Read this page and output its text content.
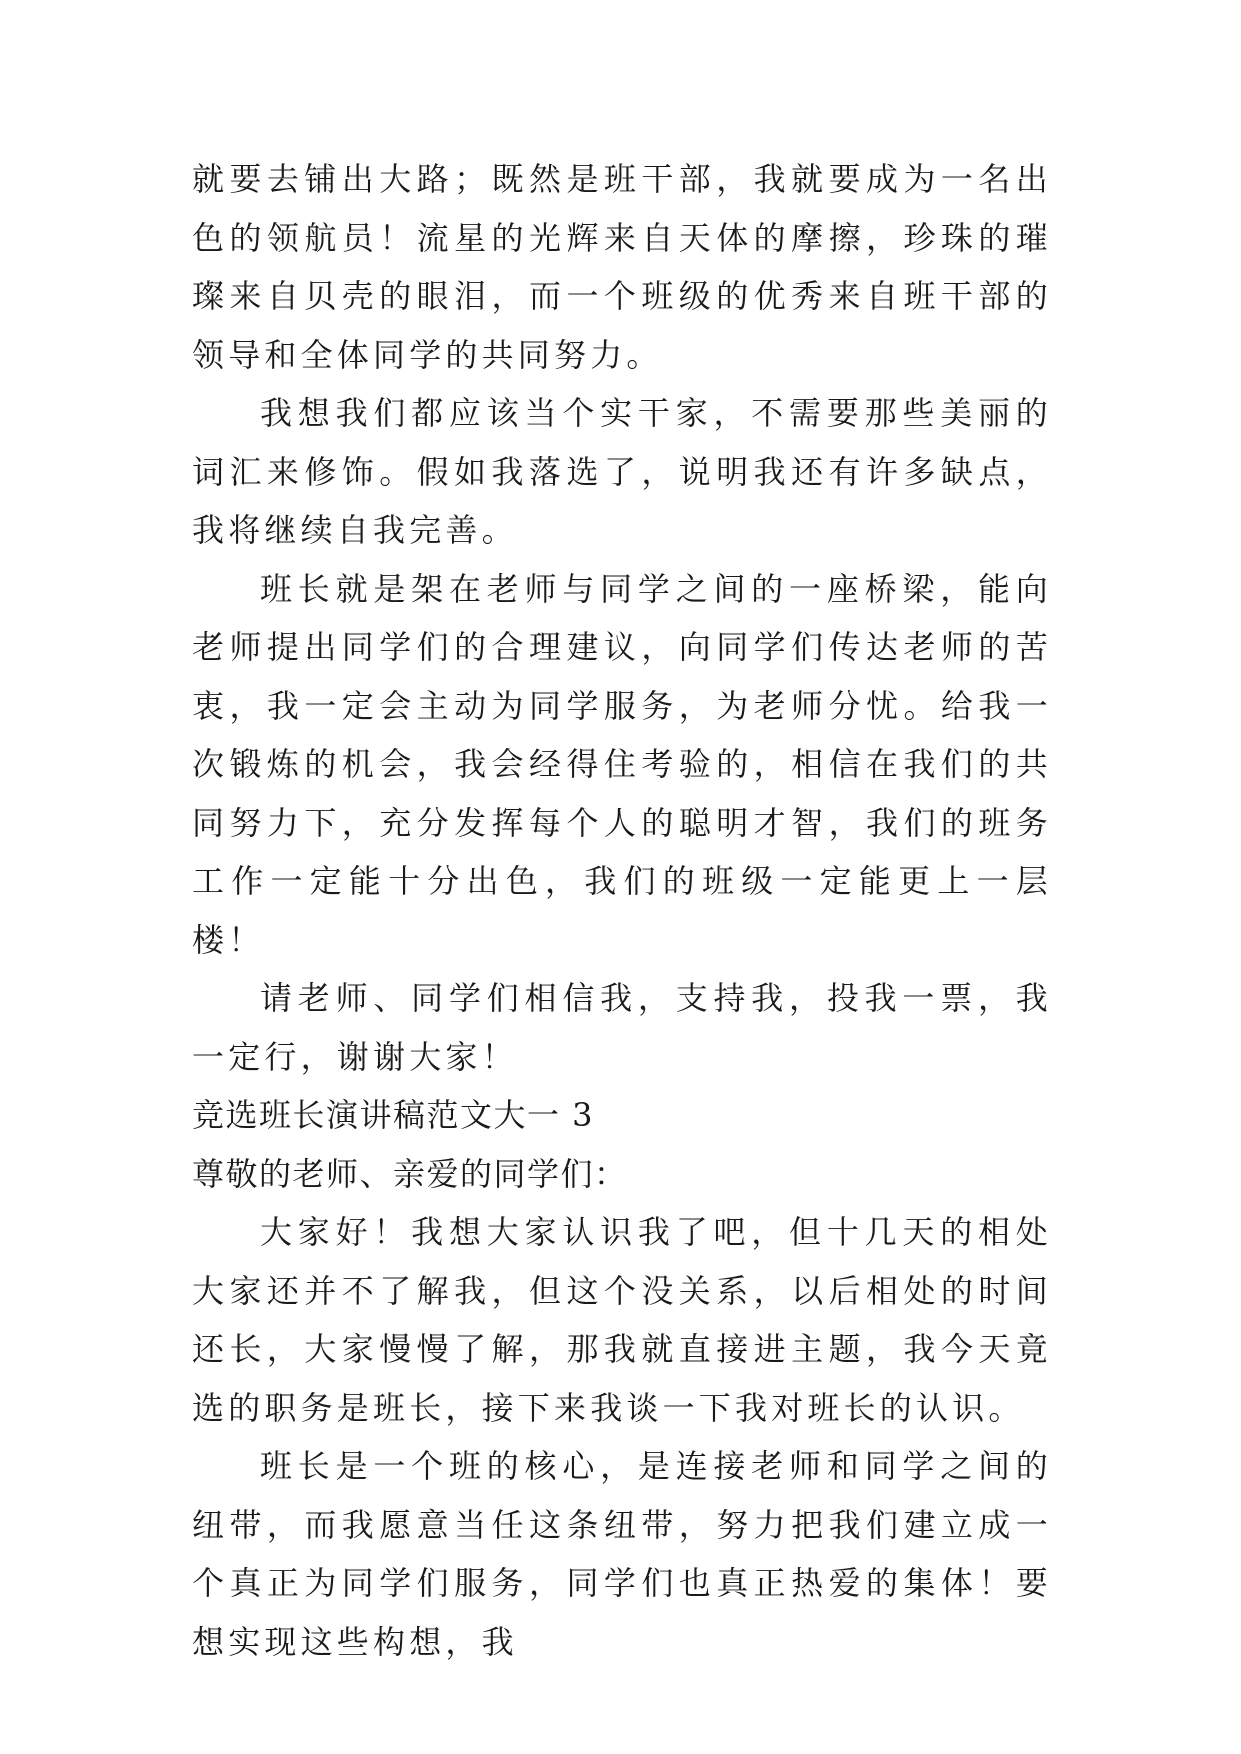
就要去铺出大路；既然是班干部，我就要成为一名出色的领航员！流星的光辉来自天体的摩擦，珍珠的璀璨来自贝壳的眼泪，而一个班级的优秀来自班干部的领导和全体同学的共同努力。

我想我们都应该当个实干家，不需要那些美丽的词汇来修饰。假如我落选了，说明我还有许多缺点，我将继续自我完善。

班长就是架在老师与同学之间的一座桥梁，能向老师提出同学们的合理建议，向同学们传达老师的苦衷，我一定会主动为同学服务，为老师分忧。给我一次锻炼的机会，我会经得住考验的，相信在我们的共同努力下，充分发挥每个人的聪明才智，我们的班务工作一定能十分出色，我们的班级一定能更上一层楼！

请老师、同学们相信我，支持我，投我一票，我一定行，谢谢大家！

竞选班长演讲稿范文大一 3

尊敬的老师、亲爱的同学们：

大家好！我想大家认识我了吧，但十几天的相处大家还并不了解我，但这个没关系，以后相处的时间还长，大家慢慢了解，那我就直接进主题，我今天竟选的职务是班长，接下来我谈一下我对班长的认识。

班长是一个班的核心，是连接老师和同学之间的纽带，而我愿意当任这条纽带，努力把我们建立成一个真正为同学们服务，同学们也真正热爱的集体！要想实现这些构想，我
